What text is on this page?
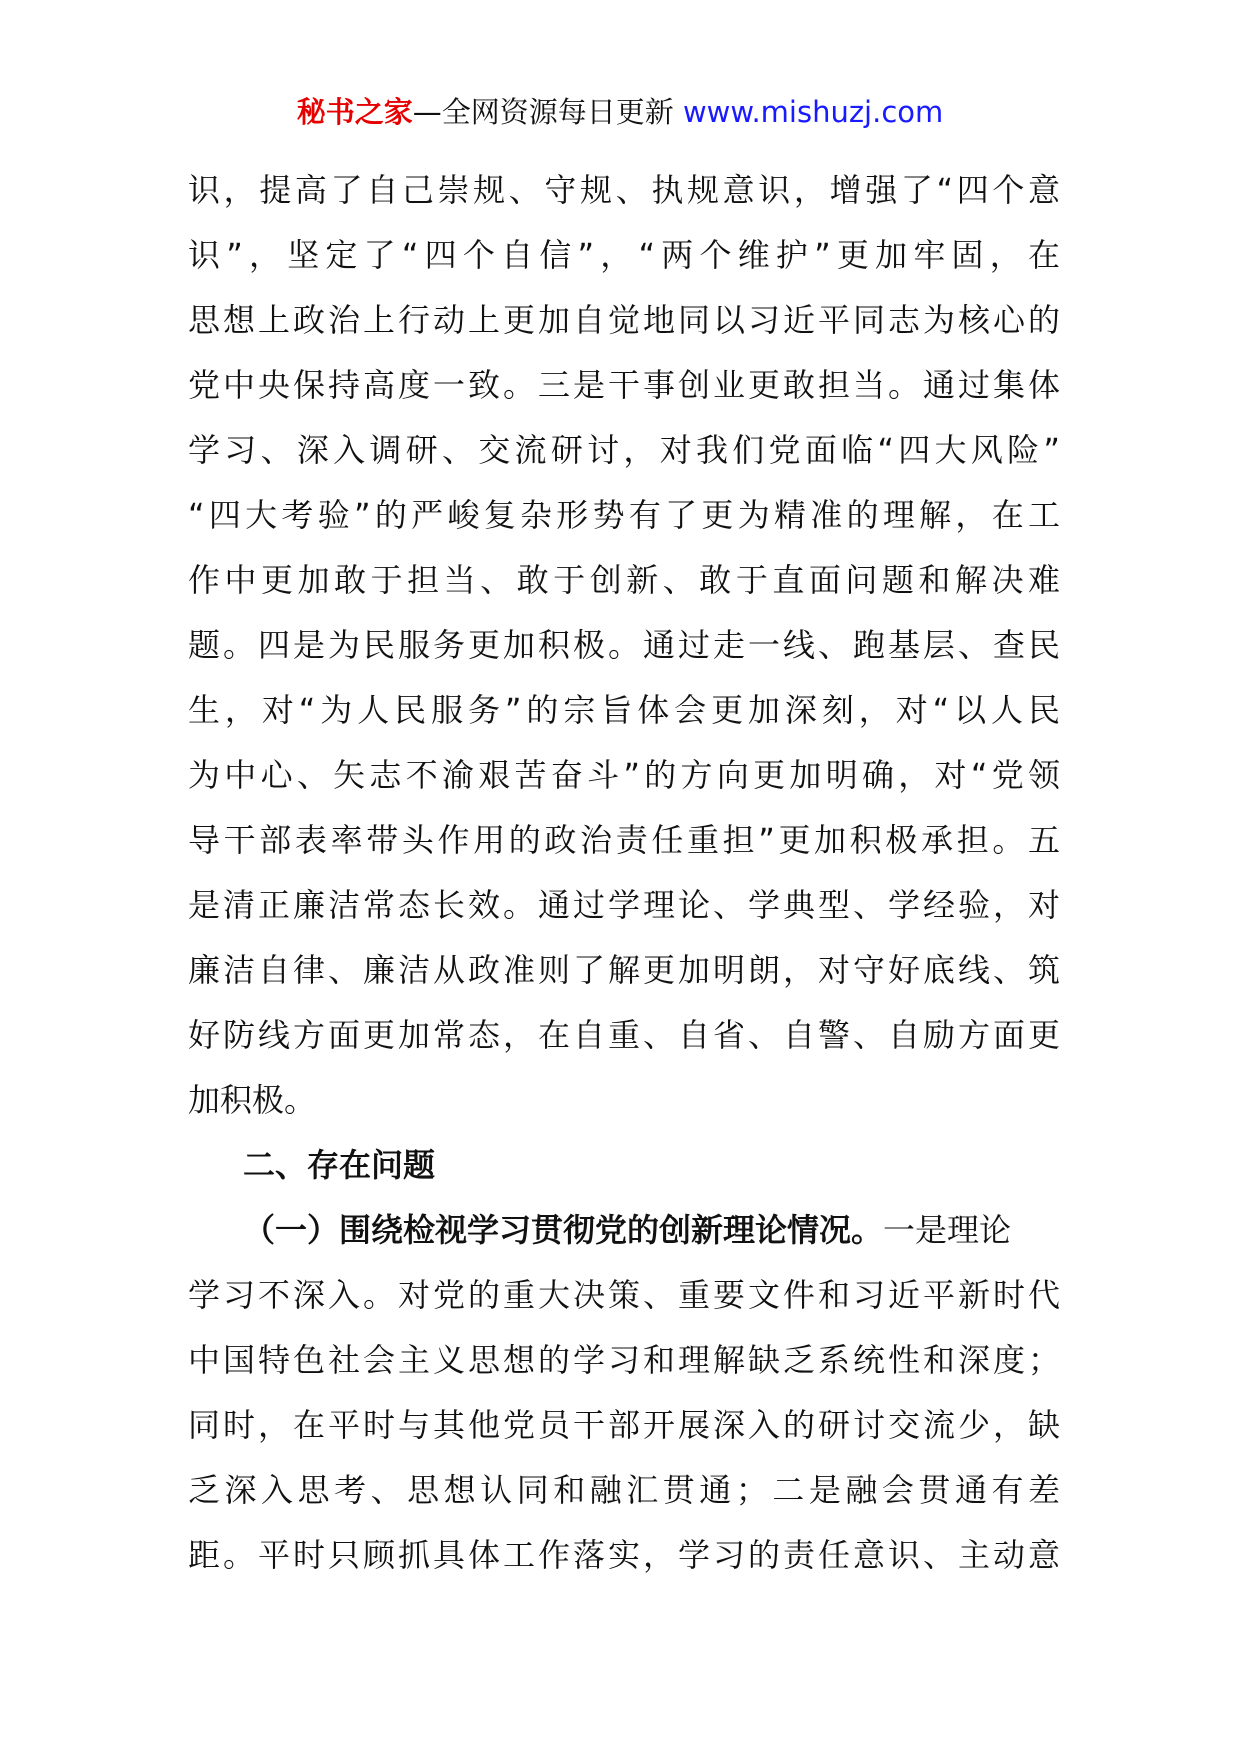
秘书之家—全网资源每日更新 www.mishuzj.com
识，提高了自己崇规、守规、执规意识，增强了“四个意
识”，坚定了“四个自信”，“两个维护”更加牢固，在
思想上政治上行动上更加自觉地同以习近平同志为核心的
党中央保持高度一致。三是干事创业更敢担当。通过集体
学习、深入调研、交流研讨，对我们党面临“四大风险”
“四大考验”的严峻复杂形势有了更为精准的理解，在工
作中更加敢于担当、敢于创新、敢于直面问题和解决难
题。四是为民服务更加积极。通过走一线、跑基层、查民
生，对“为人民服务”的宗旨体会更加深刻，对“以人民
为中心、矢志不渝艰苦奋斗”的方向更加明确，对“党领
导干部表率带头作用的政治责任重担”更加积极承担。五
是清正廉洁常态长效。通过学理论、学典型、学经验，对
廉洁自律、廉洁从政准则了解更加明朗，对守好底线、筑
好防线方面更加常态，在自重、自省、自警、自励方面更
加积极。
二、存在问题
（一）围绕检视学习贯彻党的创新理论情况。一是理论
学习不深入。对党的重大决策、重要文件和习近平新时代
中国特色社会主义思想的学习和理解缺乏系统性和深度；
同时，在平时与其他党员干部开展深入的研讨交流少，缺
乏深入思考、思想认同和融汇贯通；二是融会贯通有差
距。平时只顾抓具体工作落实，学习的责任意识、主动意
